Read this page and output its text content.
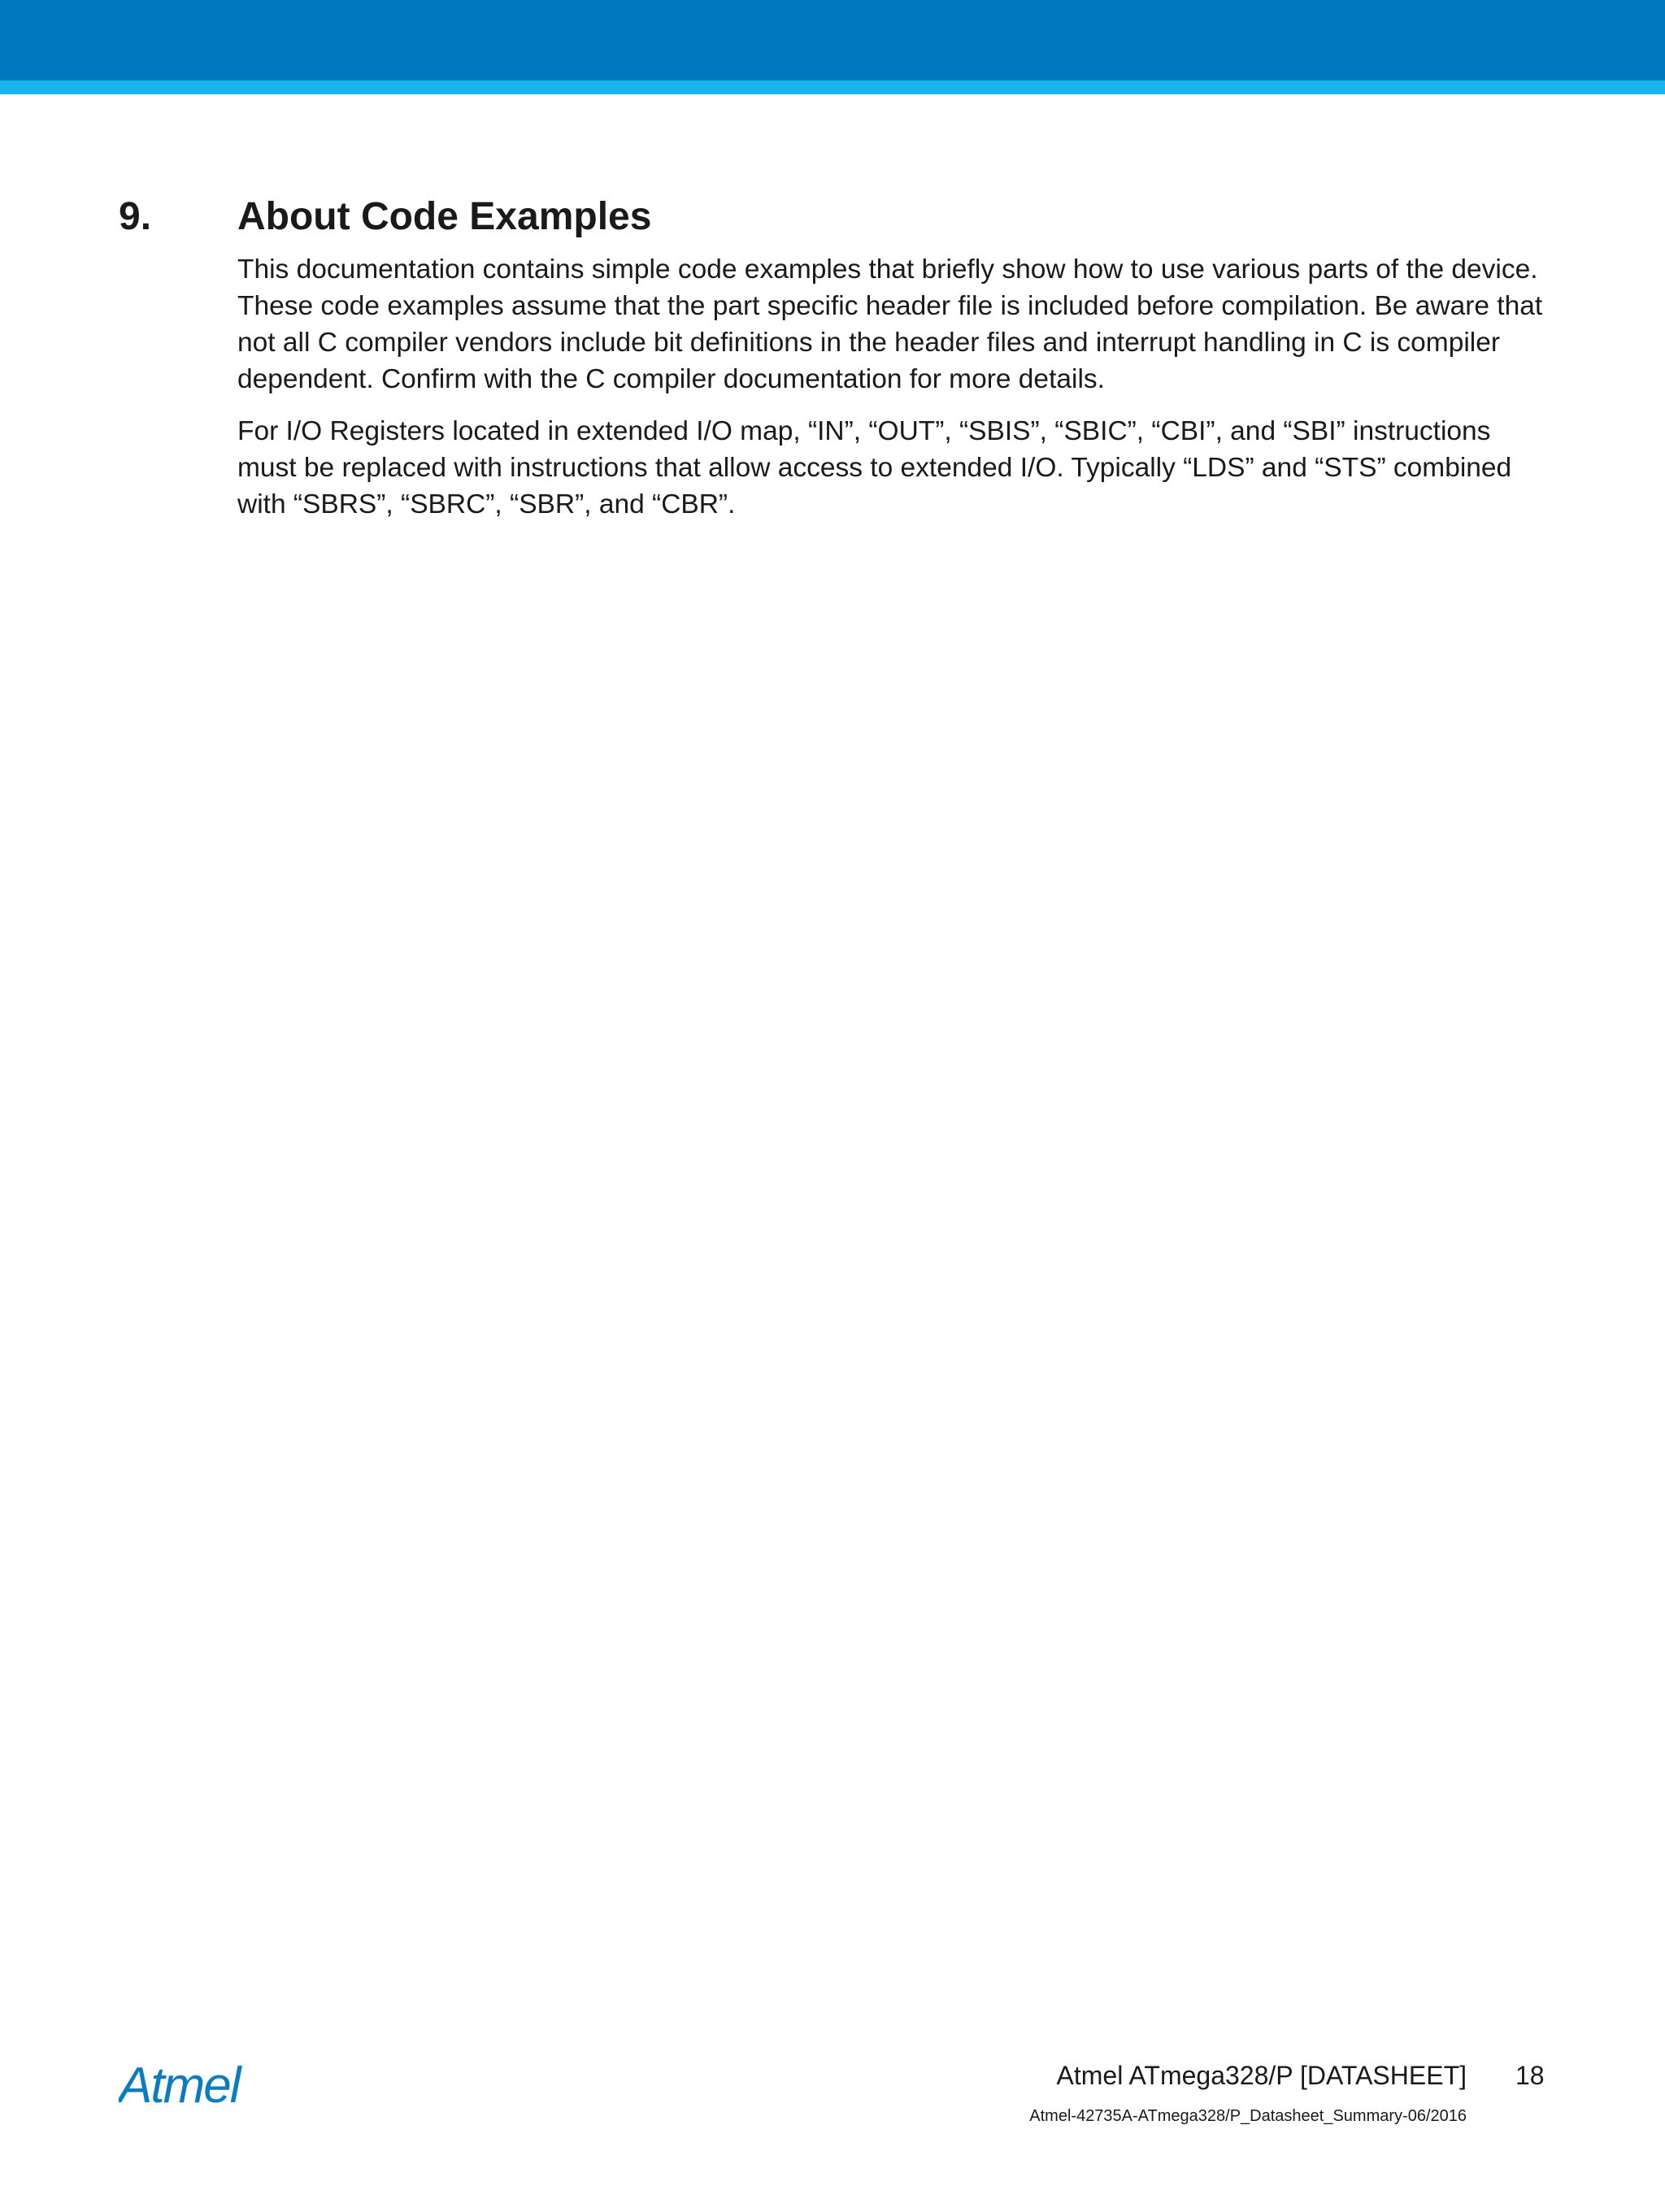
9. About Code Examples

This documentation contains simple code examples that briefly show how to use various parts of the device. These code examples assume that the part specific header file is included before compilation. Be aware that not all C compiler vendors include bit definitions in the header files and interrupt handling in C is compiler dependent. Confirm with the C compiler documentation for more details.

For I/O Registers located in extended I/O map, “IN”, “OUT”, “SBIS”, “SBIC”, “CBI”, and “SBI” instructions must be replaced with instructions that allow access to extended I/O. Typically “LDS” and “STS” combined with “SBRS”, “SBRC”, “SBR”, and “CBR”.

Atmel	Atmel ATmega328/P [DATASHEET] 18
Atmel-42735A-ATmega328/P_Datasheet_Summary-06/2016
